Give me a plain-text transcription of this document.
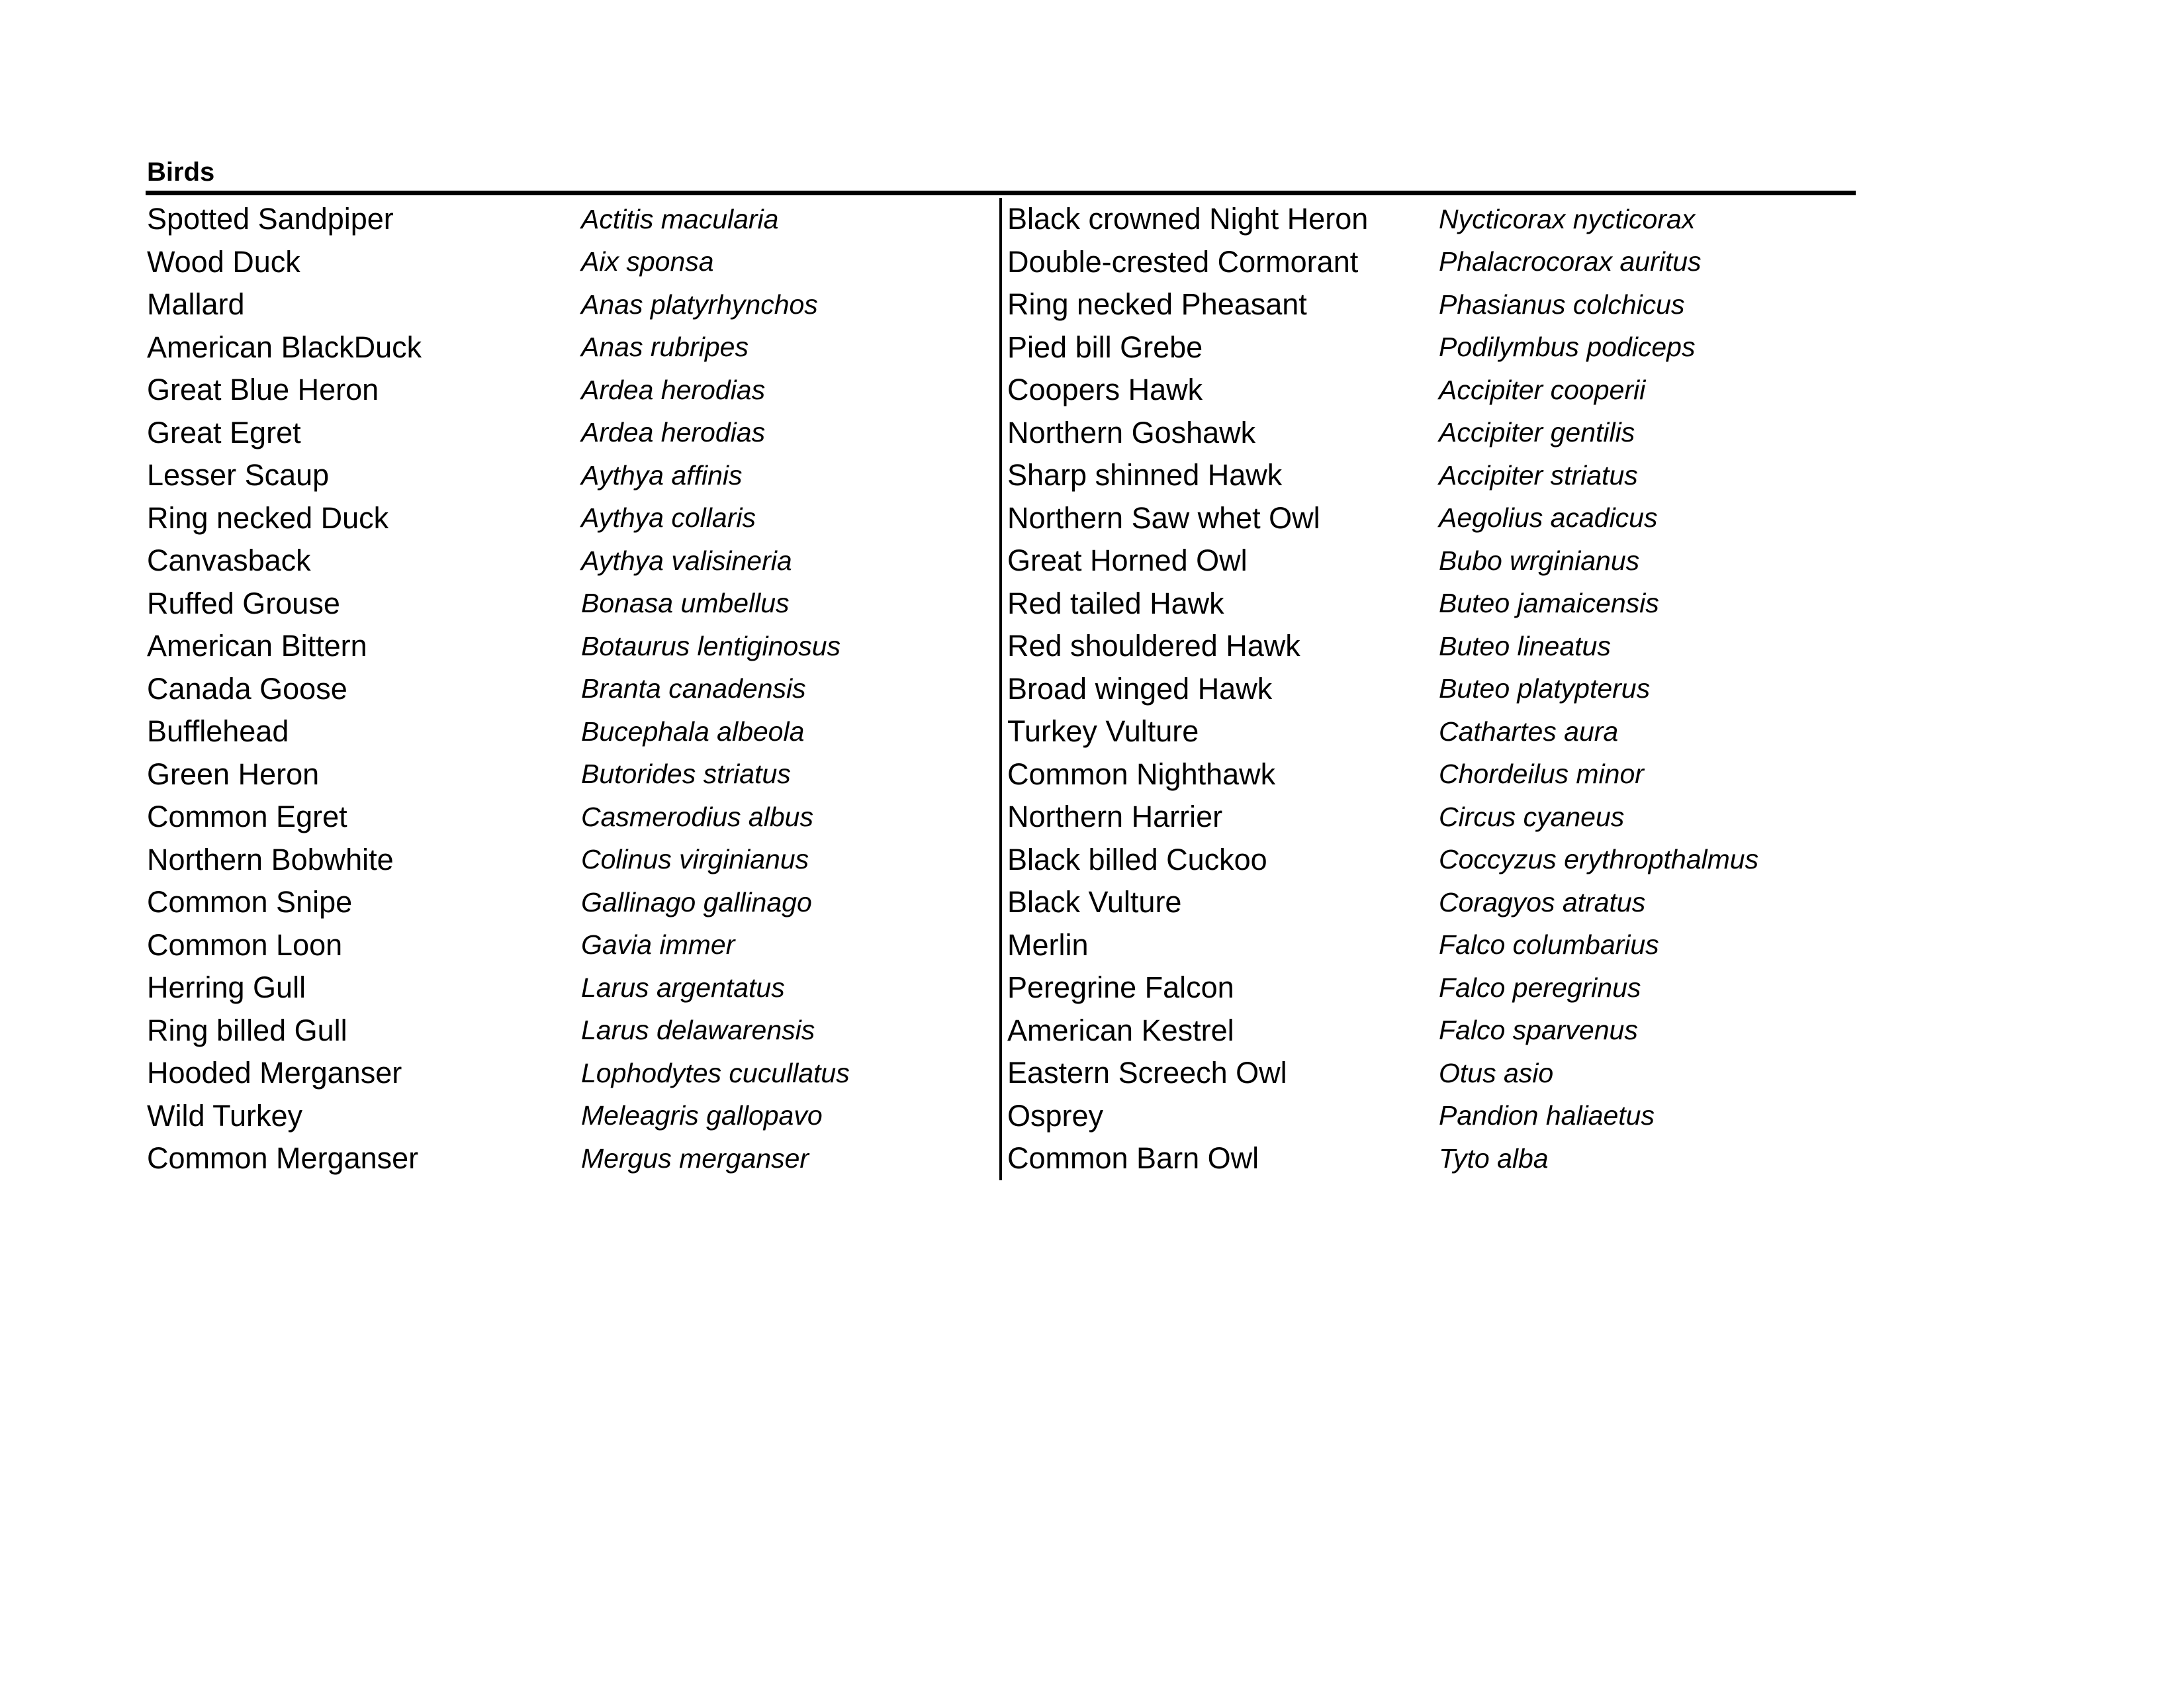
Birds
Spotted Sandpiper	Actitis macularia
Wood Duck	Aix sponsa
Mallard	Anas platyrhynchos
American BlackDuck	Anas rubripes
Great Blue Heron	Ardea herodias
Great Egret	Ardea herodias
Lesser Scaup	Aythya affinis
Ring necked Duck	Aythya collaris
Canvasback	Aythya valisineria
Ruffed Grouse	Bonasa umbellus
American Bittern	Botaurus lentiginosus
Canada Goose	Branta canadensis
Bufflehead	Bucephala albeola
Green Heron	Butorides striatus
Common Egret	Casmerodius albus
Northern Bobwhite	Colinus virginianus
Common Snipe	Gallinago gallinago
Common Loon	Gavia immer
Herring Gull	Larus argentatus
Ring billed Gull	Larus delawarensis
Hooded Merganser	Lophodytes cucullatus
Wild Turkey	Meleagris gallopavo
Common Merganser	Mergus merganser
Black crowned Night Heron	Nycticorax nycticorax
Double-crested Cormorant	Phalacrocorax auritus
Ring necked Pheasant	Phasianus colchicus
Pied bill Grebe	Podilymbus podiceps
Coopers Hawk	Accipiter cooperii
Northern Goshawk	Accipiter gentilis
Sharp shinned Hawk	Accipiter striatus
Northern Saw whet Owl	Aegolius acadicus
Great Horned Owl	Bubo wrginianus
Red tailed Hawk	Buteo jamaicensis
Red shouldered Hawk	Buteo lineatus
Broad winged Hawk	Buteo platypterus
Turkey Vulture	Cathartes aura
Common Nighthawk	Chordeilus minor
Northern Harrier	Circus cyaneus
Black billed Cuckoo	Coccyzus erythropthalmus
Black Vulture	Coragyos atratus
Merlin	Falco columbarius
Peregrine Falcon	Falco peregrinus
American Kestrel	Falco sparvenus
Eastern Screech Owl	Otus asio
Osprey	Pandion haliaetus
Common Barn Owl	Tyto alba
